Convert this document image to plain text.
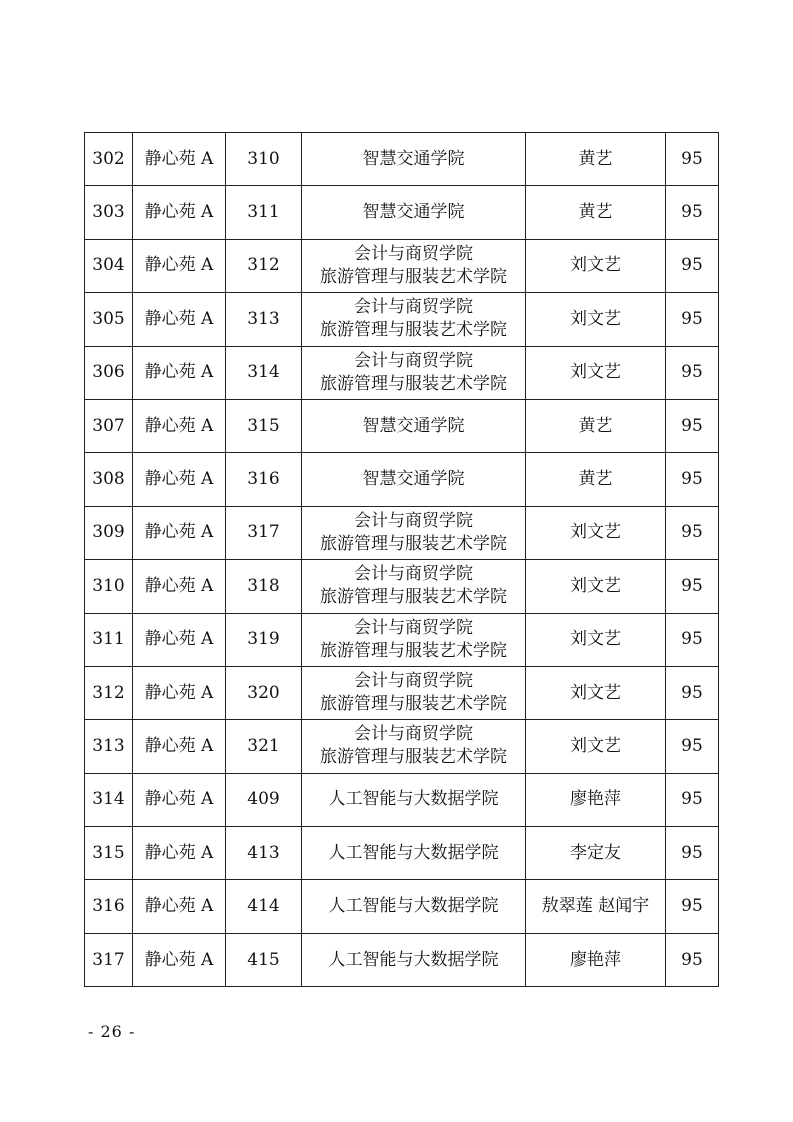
302	静心苑 A	310	智慧交通学院	黄艺	95
303	静心苑 A	311	智慧交通学院	黄艺	95
304	静心苑 A	312	会计与商贸学院
旅游管理与服装艺术学院	刘文艺	95
305	静心苑 A	313	会计与商贸学院
旅游管理与服装艺术学院	刘文艺	95
306	静心苑 A	314	会计与商贸学院
旅游管理与服装艺术学院	刘文艺	95
307	静心苑 A	315	智慧交通学院	黄艺	95
308	静心苑 A	316	智慧交通学院	黄艺	95
309	静心苑 A	317	会计与商贸学院
旅游管理与服装艺术学院	刘文艺	95
310	静心苑 A	318	会计与商贸学院
旅游管理与服装艺术学院	刘文艺	95
311	静心苑 A	319	会计与商贸学院
旅游管理与服装艺术学院	刘文艺	95
312	静心苑 A	320	会计与商贸学院
旅游管理与服装艺术学院	刘文艺	95
313	静心苑 A	321	会计与商贸学院
旅游管理与服装艺术学院	刘文艺	95
314	静心苑 A	409	人工智能与大数据学院	廖艳萍	95
315	静心苑 A	413	人工智能与大数据学院	李定友	95
316	静心苑 A	414	人工智能与大数据学院	敖翠莲 赵闻宇	95
317	静心苑 A	415	人工智能与大数据学院	廖艳萍	95
- 26 -
